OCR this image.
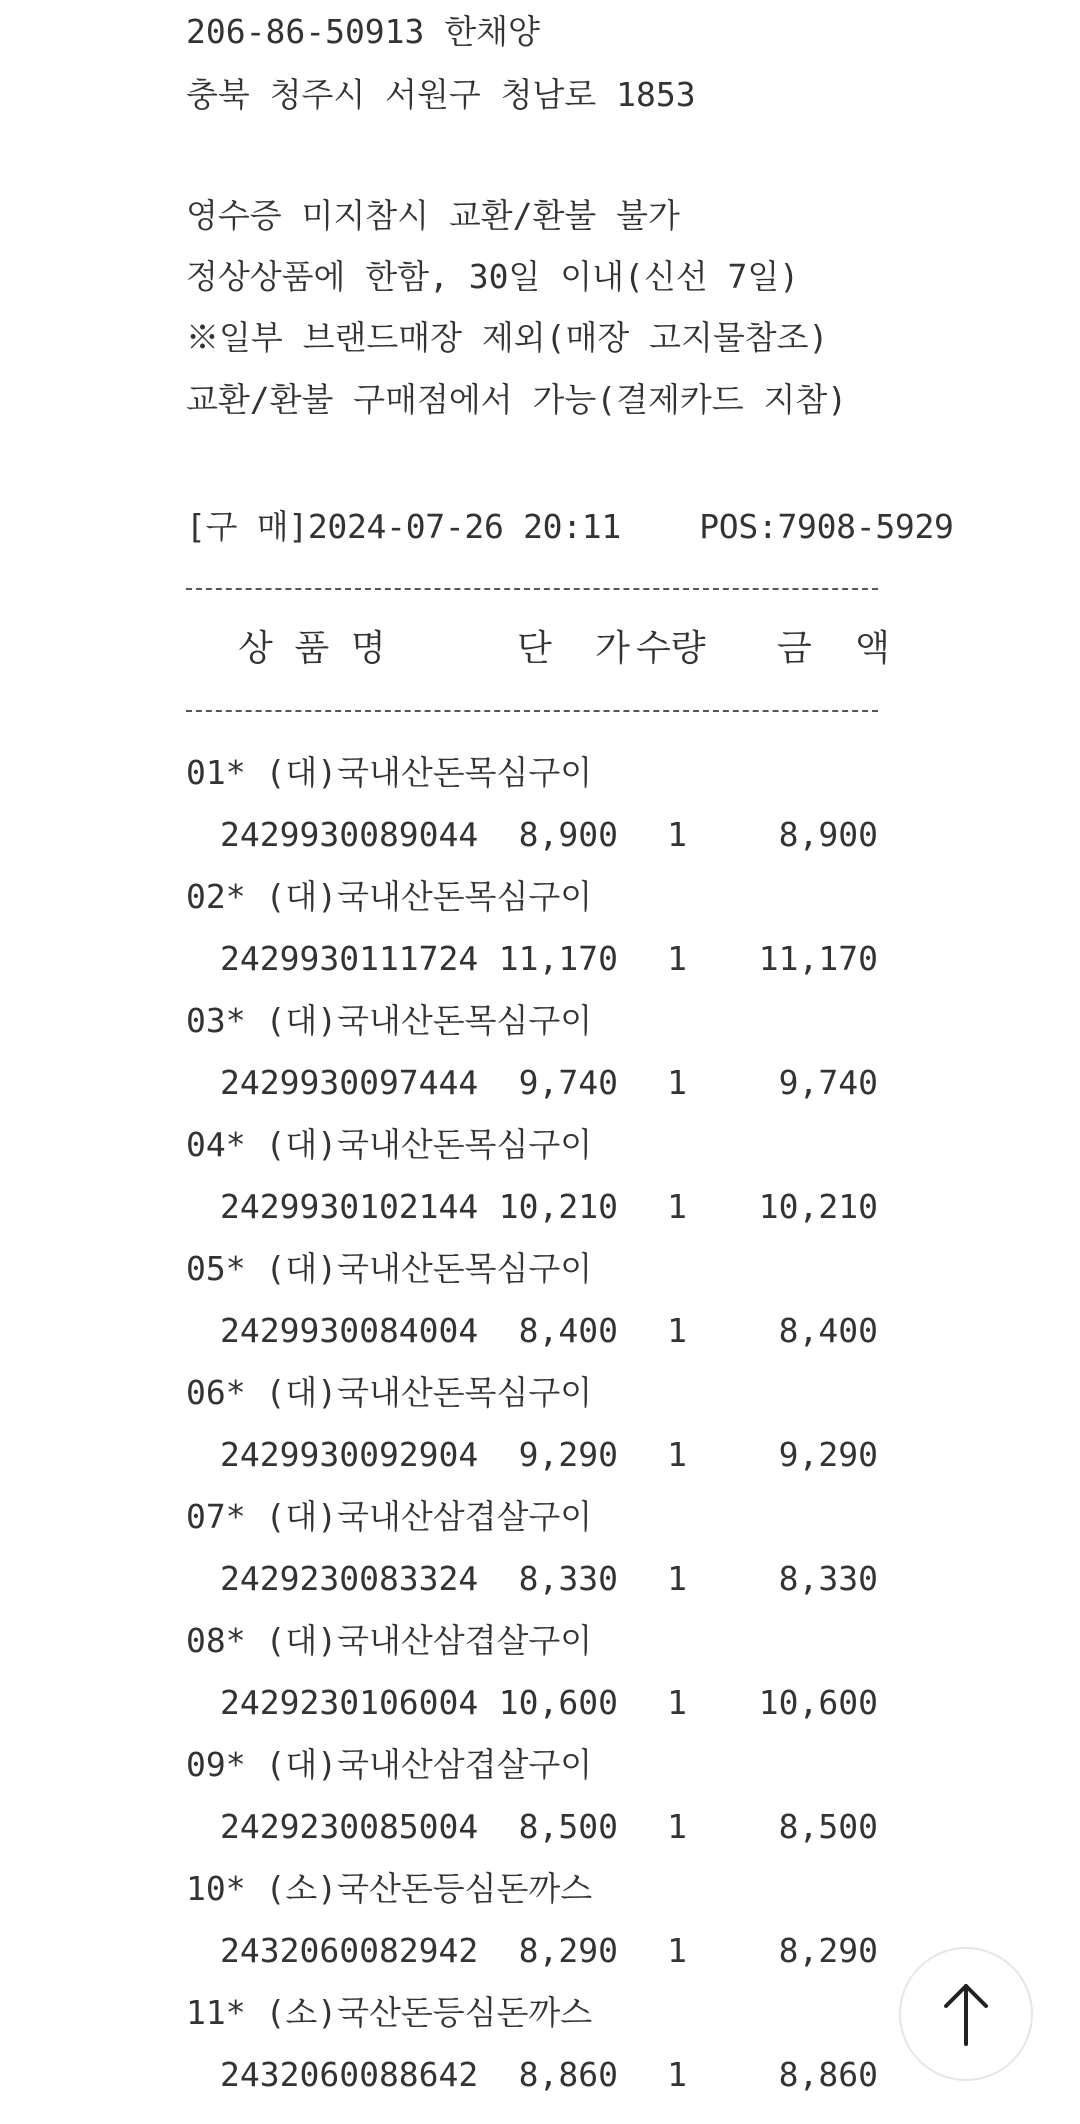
206-86-50913 한채양
충북 청주시 서원구 청남로 1853
영수증 미지참시 교환/환불 불가
정상상품에 한함, 30일 이내(신선 7일)
※일부 브랜드매장 제외(매장 고지물참조)
교환/환불 구매점에서 가능(결제카드 지참)
[구 매]2024-07-26 20:11    POS:7908-5929
상 품 명	단  가 수량 금  액
01* (대)국내산돈목심구이
2429930089044	8,900	1	8,900
02* (대)국내산돈목심구이
2429930111724 11,170	1	11,170
03* (대)국내산돈목심구이
2429930097444	9,740	1	9,740
04* (대)국내산돈목심구이
2429930102144 10,210	1	10,210
05* (대)국내산돈목심구이
2429930084004	8,400	1	8,400
06* (대)국내산돈목심구이
2429930092904	9,290	1	9,290
07* (대)국내산삼겹살구이
2429230083324	8,330	1	8,330
08* (대)국내산삼겹살구이
2429230106004 10,600	1	10,600
09* (대)국내산삼겹살구이
2429230085004	8,500	1	8,500
10* (소)국산돈등심돈까스
2432060082942	8,290	1	8,290
11* (소)국산돈등심돈까스
2432060088642	8,860	1	8,860
